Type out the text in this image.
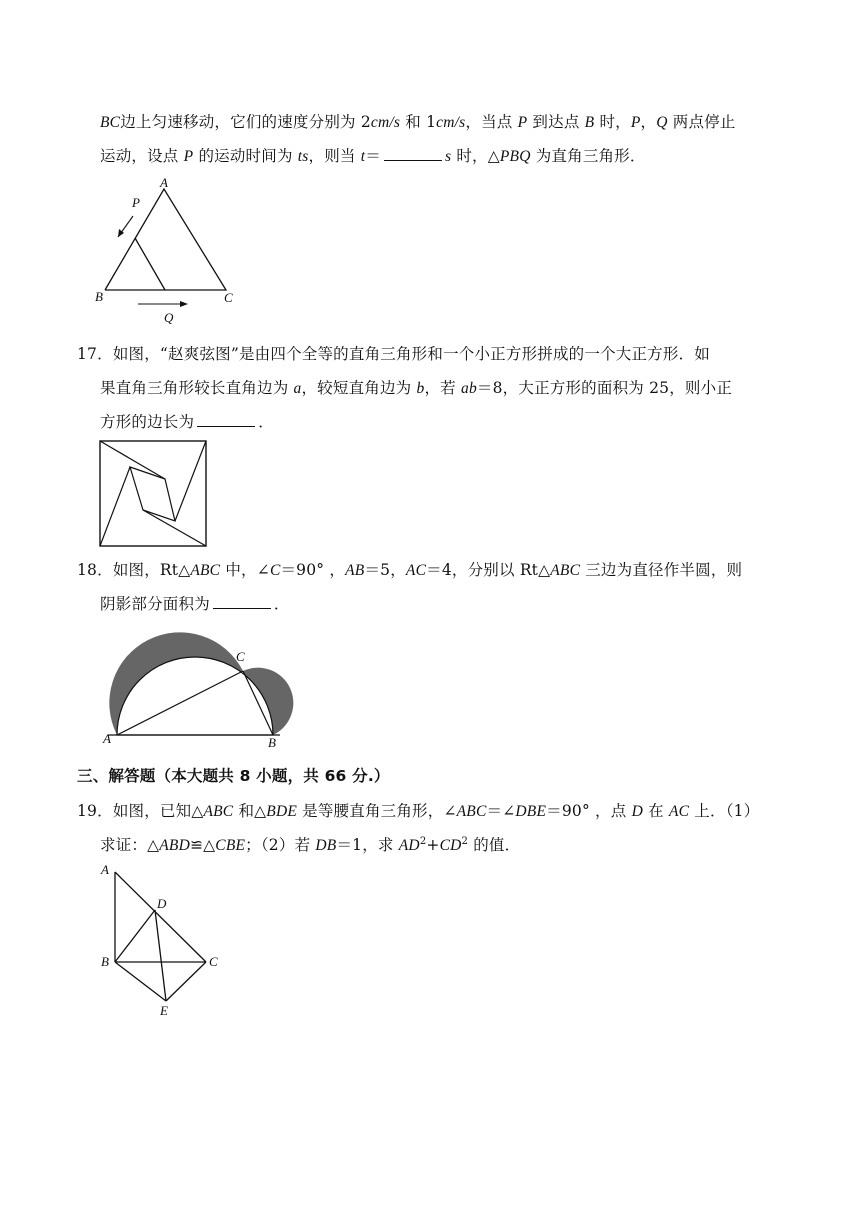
BC边上匀速移动，它们的速度分别为 2cm/s 和 1cm/s，当点 P 到达点 B 时，P，Q 两点停止
运动，设点 P 的运动时间为 ts，则当 t＝	s 时，△PBQ 为直角三角形．
A
P
B	C
Q
17．如图，“赵爽弦图”是由四个全等的直角三角形和一个小正方形拼成的一个大正方形．如
果直角三角形较长直角边为 a，较短直角边为 b，若 ab＝8，大正方形的面积为 25，则小正
方形的边长为	．
18．如图，Rt△ABC 中，∠C＝90° ，AB＝5，AC＝4，分别以 Rt△ABC 三边为直径作半圆，则
阴影部分面积为	．
A
C
B
三、解答题（本大题共 8 小题，共 66 分.）
19．如图，已知△ABC 和△BDE 是等腰直角三角形，∠ABC＝∠DBE＝90° ，点 D 在 AC 上．（1）
求证：△ABD≌△CBE；（2）若 DB＝1，求 $AD^2+CD^2$ 的值．
A
D
B	C
E
